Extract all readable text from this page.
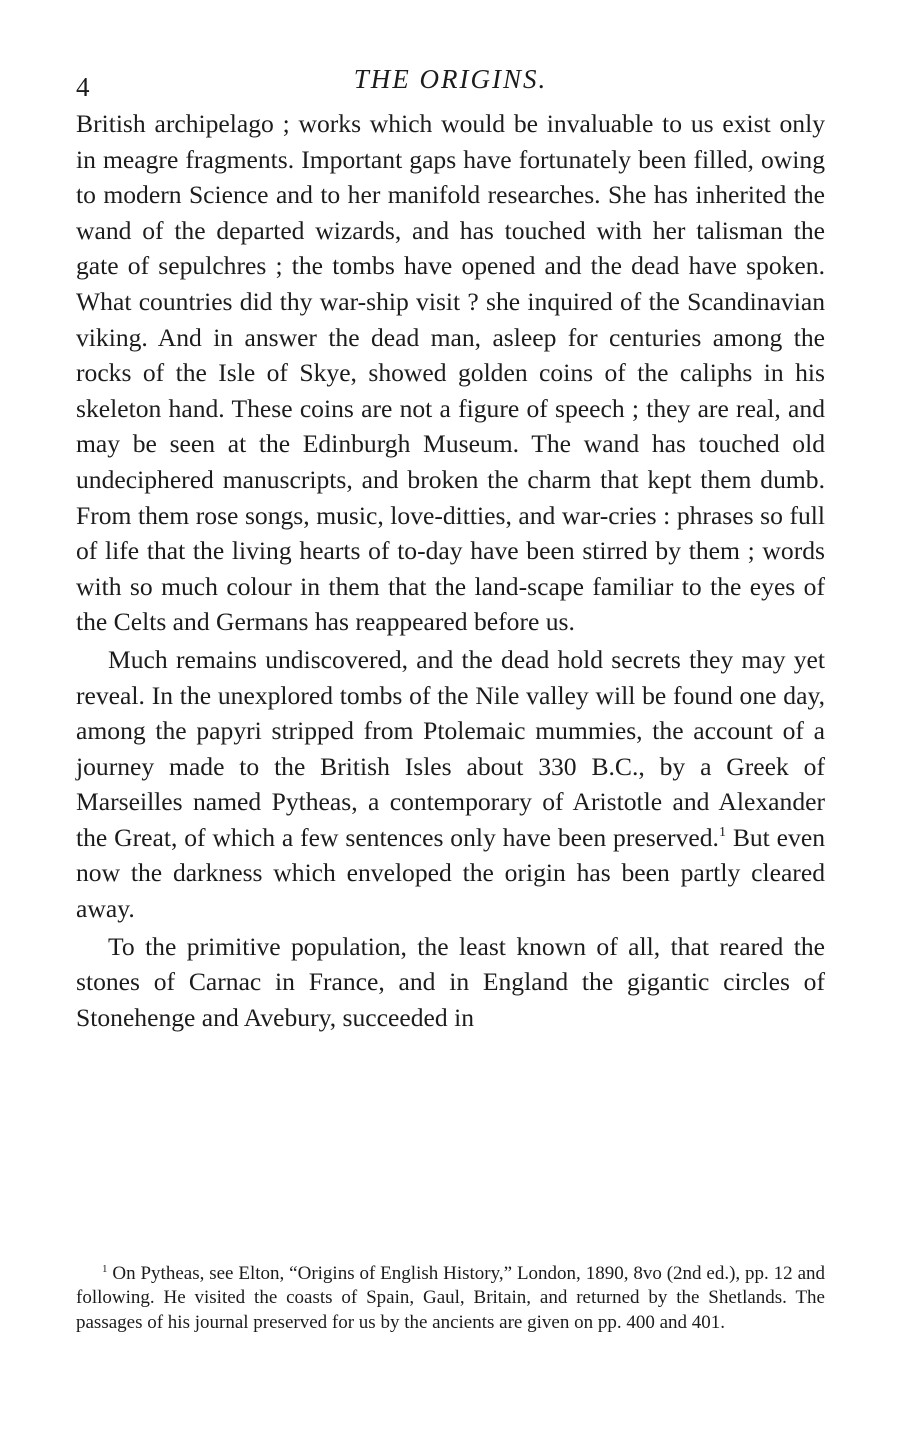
4	THE ORIGINS.

British archipelago ; works which would be invaluable to us exist only in meagre fragments. Important gaps have fortunately been filled, owing to modern Science and to her manifold researches. She has inherited the wand of the departed wizards, and has touched with her talisman the gate of sepulchres ; the tombs have opened and the dead have spoken. What countries did thy war-ship visit ? she inquired of the Scandinavian viking. And in answer the dead man, asleep for centuries among the rocks of the Isle of Skye, showed golden coins of the caliphs in his skeleton hand. These coins are not a figure of speech ; they are real, and may be seen at the Edinburgh Museum. The wand has touched old undeciphered manuscripts, and broken the charm that kept them dumb. From them rose songs, music, love-ditties, and war-cries : phrases so full of life that the living hearts of to-day have been stirred by them ; words with so much colour in them that the land-scape familiar to the eyes of the Celts and Germans has reappeared before us.

Much remains undiscovered, and the dead hold secrets they may yet reveal. In the unexplored tombs of the Nile valley will be found one day, among the papyri stripped from Ptolemaic mummies, the account of a journey made to the British Isles about 330 B.C., by a Greek of Marseilles named Pytheas, a contemporary of Aristotle and Alexander the Great, of which a few sentences only have been preserved.$^1$ But even now the darkness which enveloped the origin has been partly cleared away.

To the primitive population, the least known of all, that reared the stones of Carnac in France, and in England the gigantic circles of Stonehenge and Avebury, succeeded in

$^1$ On Pytheas, see Elton, “Origins of English History,” London, 1890, 8vo (2nd ed.), pp. 12 and following. He visited the coasts of Spain, Gaul, Britain, and returned by the Shetlands. The passages of his journal preserved for us by the ancients are given on pp. 400 and 401.
